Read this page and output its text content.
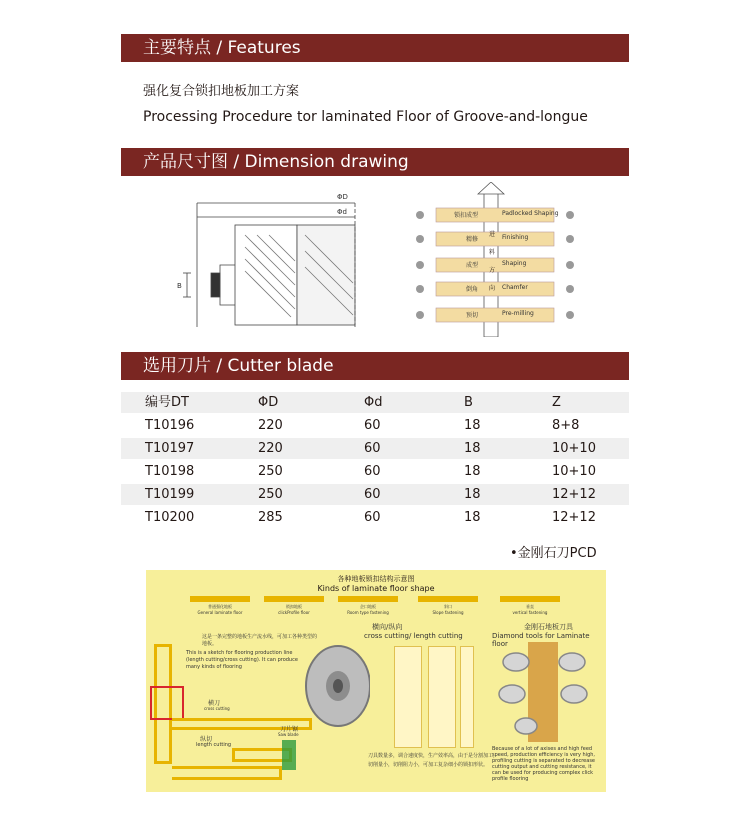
主要特点 / Features
强化复合锁扣地板加工方案
Processing Procedure tor laminated Floor of Groove-and-longue
产品尺寸图 / Dimension drawing
ΦD
Φd
B
进
料
方
向
锁扣成型	Padlocked Shaping
精修	Finishing
成型	Shaping
倒角	Chamfer
预切	Pre-milling
选用刀片 / Cutter blade
编号DT	ΦD	Φd	B	Z
T10196	220	60	18	8+8
T10197	220	60	18	10+10
T10198	250	60	18	10+10
T10199	250	60	18	12+12
T10200	285	60	18	12+12
•金刚石刀PCD
各种地板锁扣结构示意图
Kinds of laminate floor shape
普通强化地板
General laminate floor
锁扣地板
clickProfile floor
企口地板
Room type fastening
斜口
Slope fastening
垂直
vertical fastening
这是一条完整的地板生产流水线，可加工各种类型的地板。
This is a sketch for flooring production line (length cutting/cross cutting). It can produce many kinds of flooring
横刀
cross cutting
纵切
length cutting
刀片锯
Saw blade
横向/纵向
cross cutting/ length cutting
刀具数量多，调合速度快，生产效率高，由于是分割加工，切削量小，切削阻力小，可加工复杂细小的锁扣形状。
金刚石地板刀具
Diamond tools for Laminate floor
Because of a lot of axises and high feed speed, production efficiency is very high, profiling cutting is separated to decrease cutting output and cutting resistance, it can be used for producing complex click profile flooring
